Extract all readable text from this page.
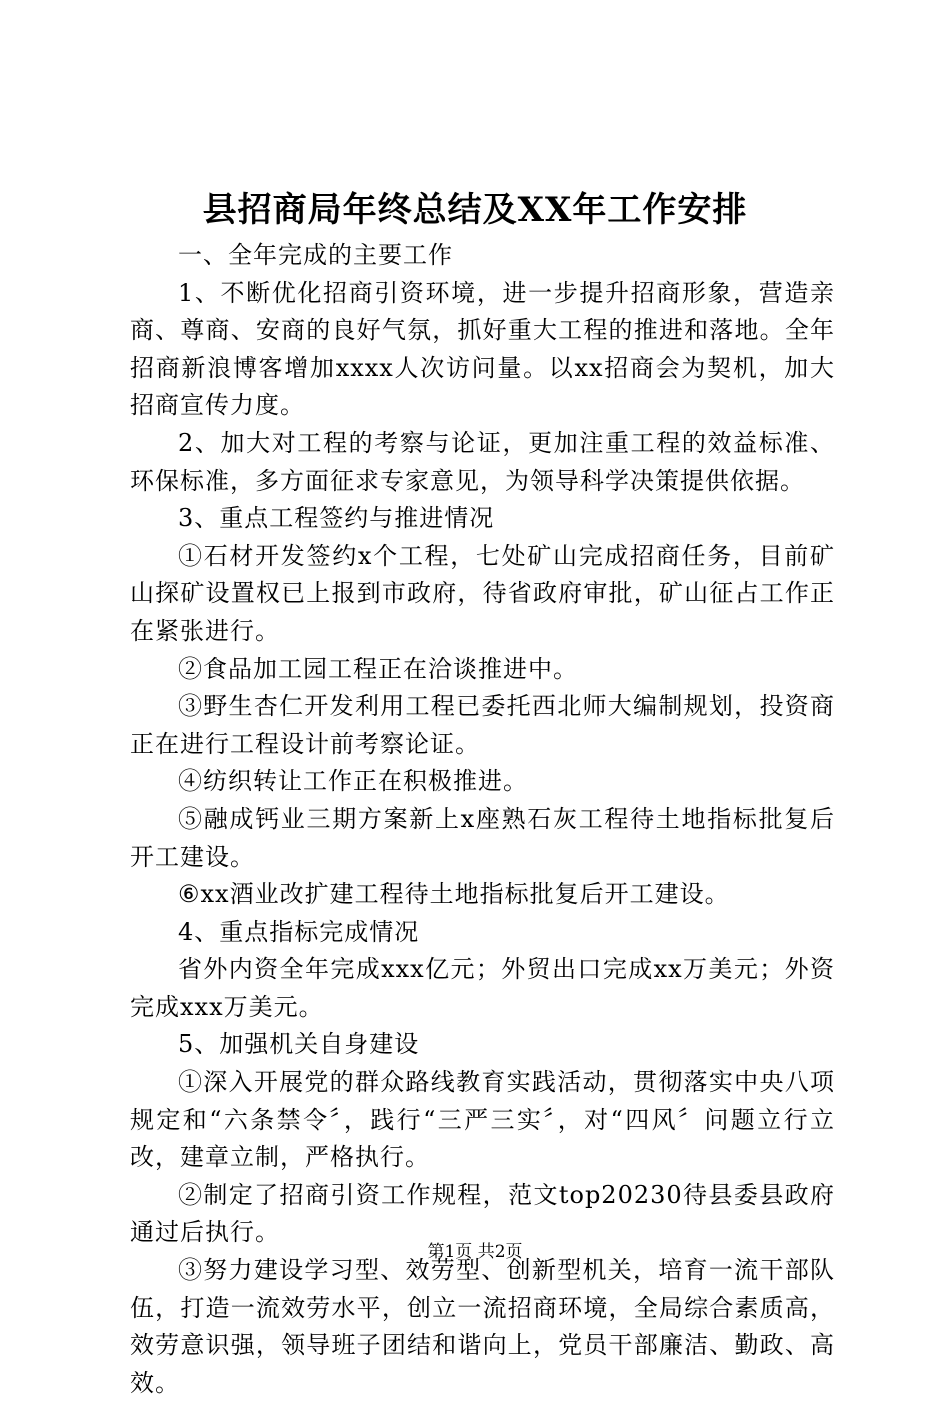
县招商局年终总结及XX年工作安排

一、全年完成的主要工作

1、不断优化招商引资环境，进一步提升招商形象，营造亲商、尊商、安商的良好气氛，抓好重大工程的推进和落地。全年招商新浪博客增加xxxx人次访问量。以xx招商会为契机，加大招商宣传力度。

2、加大对工程的考察与论证，更加注重工程的效益标准、环保标准，多方面征求专家意见，为领导科学决策提供依据。

3、重点工程签约与推进情况

①石材开发签约x个工程，七处矿山完成招商任务，目前矿山探矿设置权已上报到市政府，待省政府审批，矿山征占工作正在紧张进行。

②食品加工园工程正在洽谈推进中。

③野生杏仁开发利用工程已委托西北师大编制规划，投资商正在进行工程设计前考察论证。

④纺织转让工作正在积极推进。

⑤融成钙业三期方案新上x座熟石灰工程待土地指标批复后开工建设。

⑥xx酒业改扩建工程待土地指标批复后开工建设。

4、重点指标完成情况

省外内资全年完成xxx亿元；外贸出口完成xx万美元；外资完成xxx万美元。

5、加强机关自身建设

①深入开展党的群众路线教育实践活动，贯彻落实中央八项规定和“六条禁令〞，践行“三严三实〞，对“四风〞问题立行立改，建章立制，严格执行。

②制定了招商引资工作规程，范文top20230待县委县政府通过后执行。

③努力建设学习型、效劳型、创新型机关，培育一流干部队伍，打造一流效劳水平，创立一流招商环境，全局综合素质高，效劳意识强，领导班子团结和谐向上，党员干部廉洁、勤政、高效。

第1页 共2页
